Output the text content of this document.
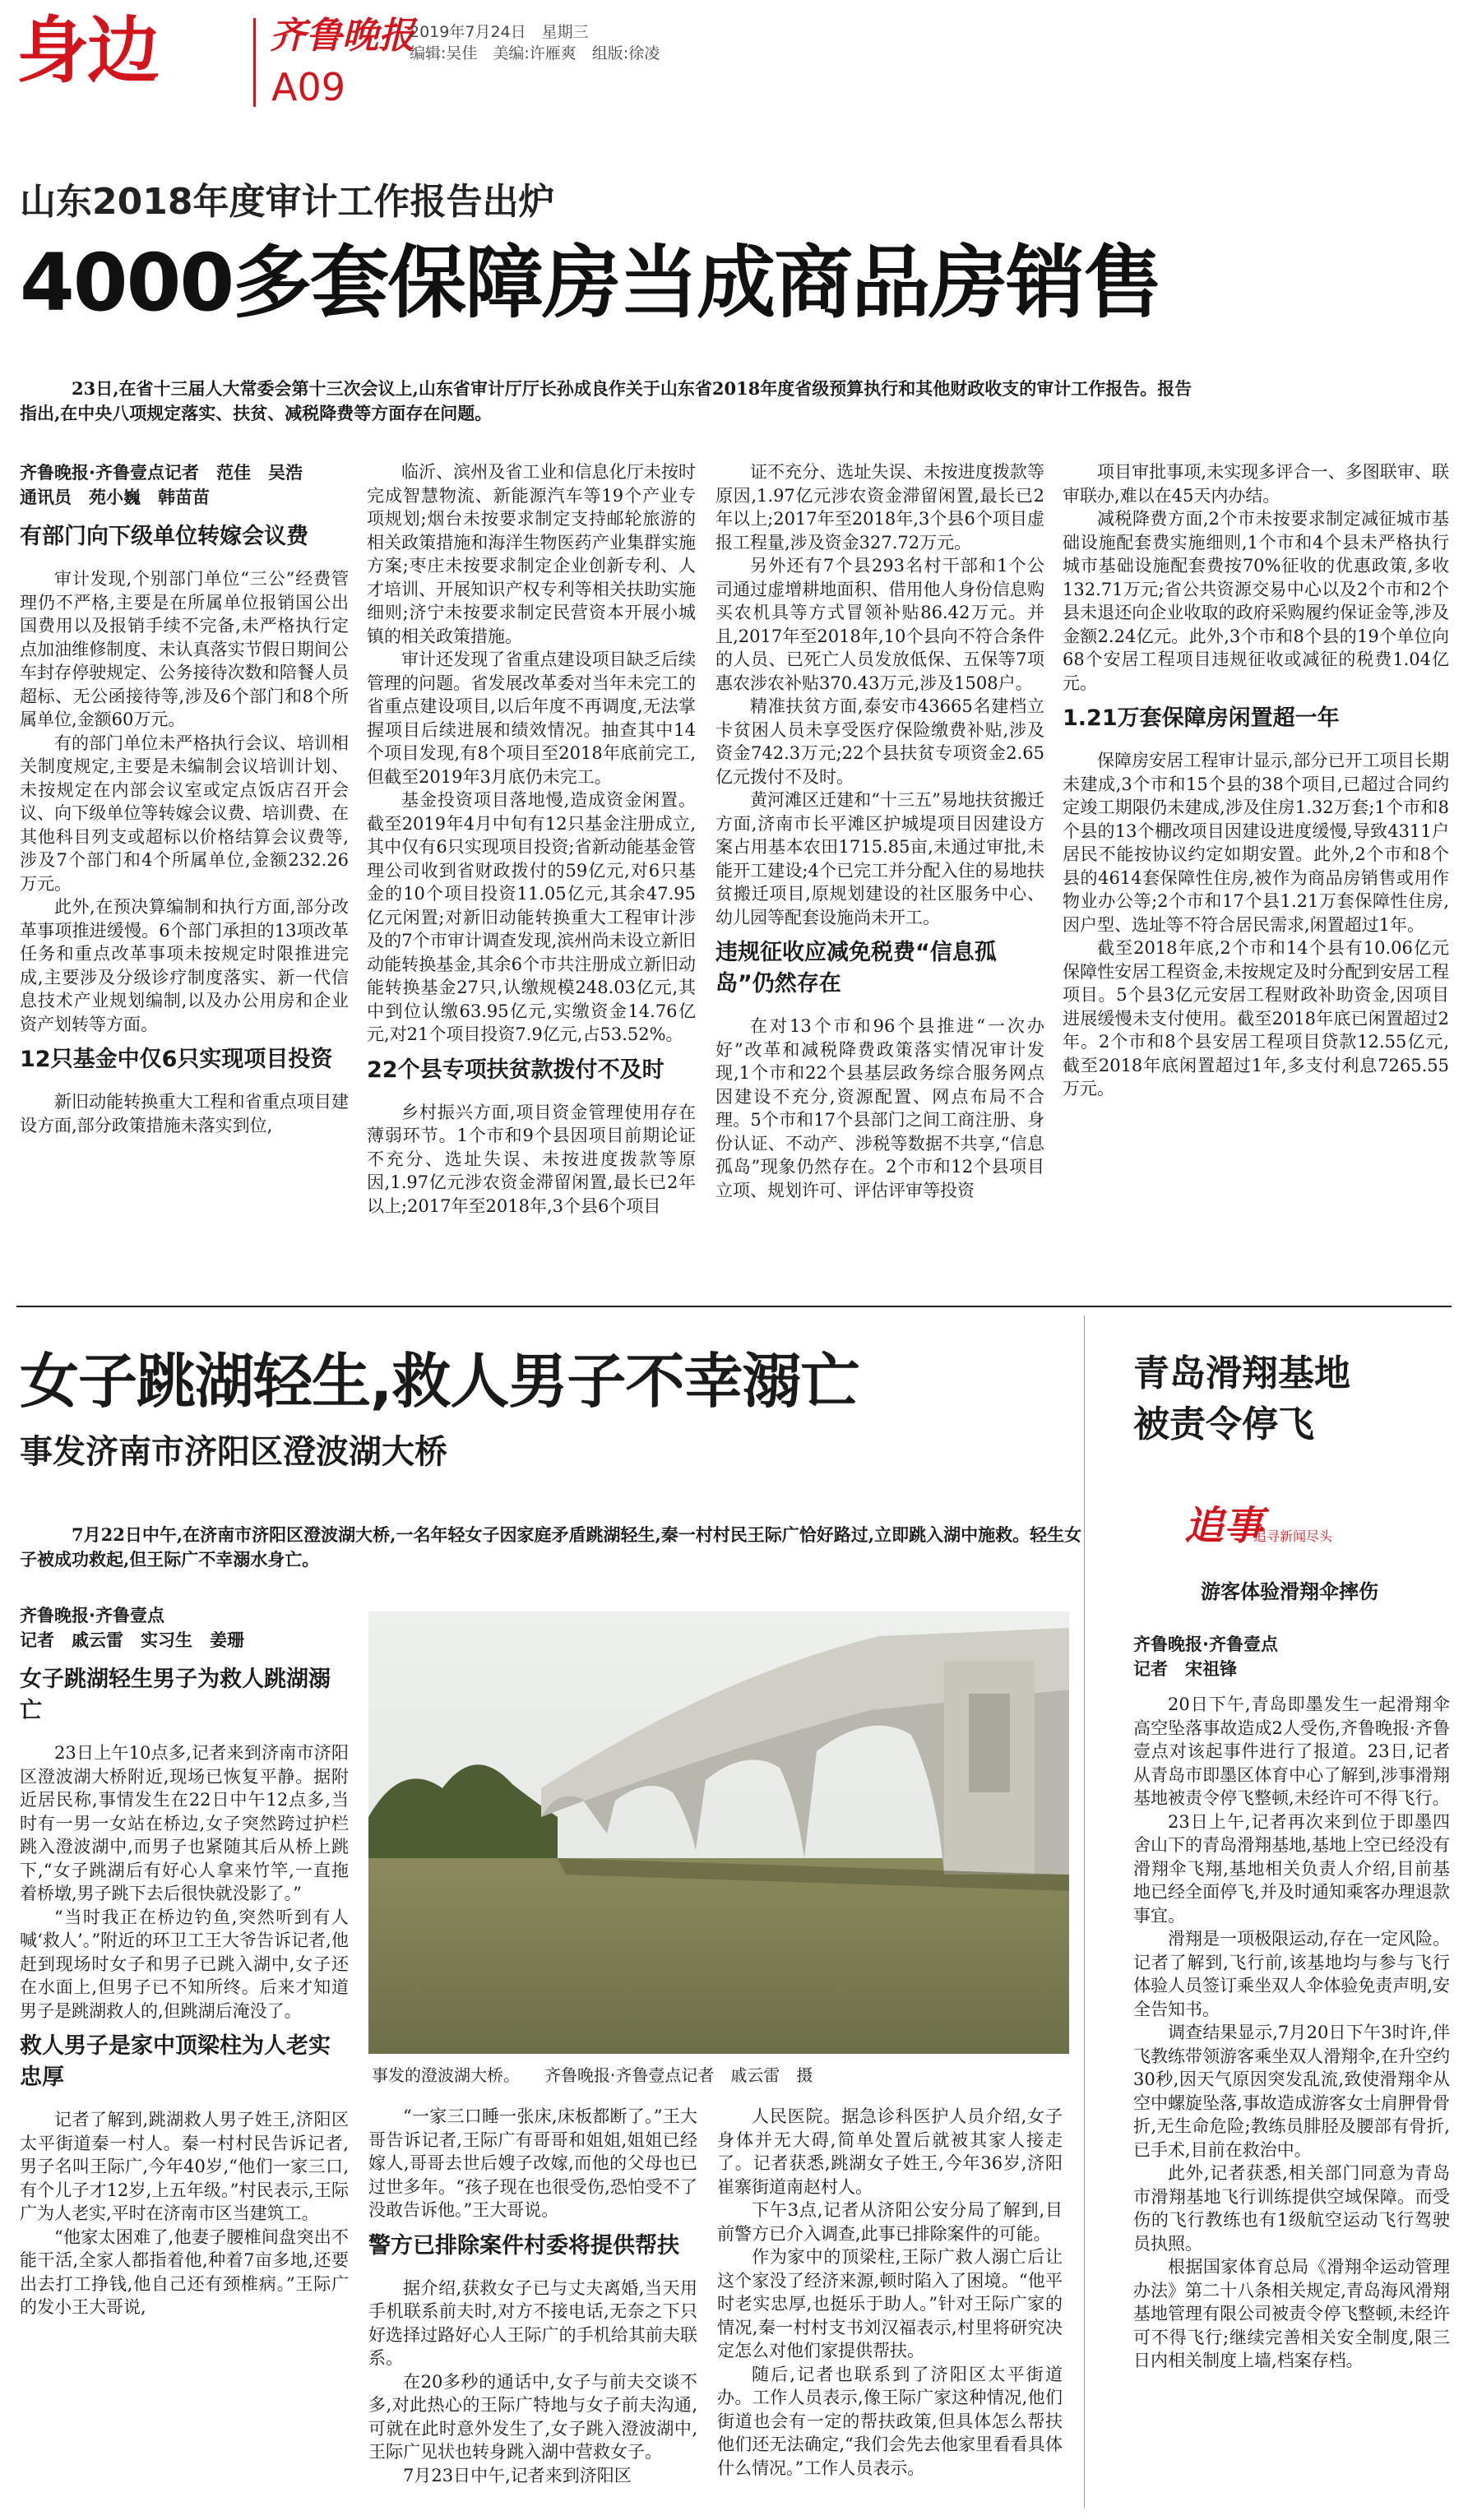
身边	齐鲁晚报
2019年7月24日　星期三
编辑:吴佳　美编:许雁爽　组版:徐凌
A09
山东2018年度审计工作报告出炉
4000多套保障房当成商品房销售
23日,在省十三届人大常委会第十三次会议上,山东省审计厅厅长孙成良作关于山东省2018年度省级预算执行和其他财政收支的审计工作报告。报告指出,在中央八项规定落实、扶贫、减税降费等方面存在问题。
齐鲁晚报·齐鲁壹点记者　范佳　吴浩
通讯员　苑小巍　韩苗苗
有部门向下级单位转嫁会议费

审计发现,个别部门单位“三公”经费管理仍不严格,主要是在所属单位报销国公出国费用以及报销手续不完备,未严格执行定点加油维修制度、未认真落实节假日期间公车封存停驶规定、公务接待次数和陪餐人员超标、无公函接待等,涉及6个部门和8个所属单位,金额60万元。

有的部门单位未严格执行会议、培训相关制度规定,主要是未编制会议培训计划、未按规定在内部会议室或定点饭店召开会议、向下级单位等转嫁会议费、培训费、在其他科目列支或超标以价格结算会议费等,涉及7个部门和4个所属单位,金额232.26万元。

此外,在预决算编制和执行方面,部分改革事项推进缓慢。6个部门承担的13项改革任务和重点改革事项未按规定时限推进完成,主要涉及分级诊疗制度落实、新一代信息技术产业规划编制,以及办公用房和企业资产划转等方面。

12只基金中仅6只实现项目投资

新旧动能转换重大工程和省重点项目建设方面,部分政策措施未落实到位,

临沂、滨州及省工业和信息化厅未按时完成智慧物流、新能源汽车等19个产业专项规划;烟台未按要求制定支持邮轮旅游的相关政策措施和海洋生物医药产业集群实施方案;枣庄未按要求制定企业创新专利、人才培训、开展知识产权专利等相关扶助实施细则;济宁未按要求制定民营资本开展小城镇的相关政策措施。

审计还发现了省重点建设项目缺乏后续管理的问题。省发展改革委对当年未完工的省重点建设项目,以后年度不再调度,无法掌握项目后续进展和绩效情况。抽查其中14个项目发现,有8个项目至2018年底前完工,但截至2019年3月底仍未完工。

基金投资项目落地慢,造成资金闲置。截至2019年4月中旬有12只基金注册成立,其中仅有6只实现项目投资;省新动能基金管理公司收到省财政拨付的59亿元,对6只基金的10个项目投资11.05亿元,其余47.95亿元闲置;对新旧动能转换重大工程审计涉及的7个市审计调查发现,滨州尚未设立新旧动能转换基金,其余6个市共注册成立新旧动能转换基金27只,认缴规模248.03亿元,其中到位认缴63.95亿元,实缴资金14.76亿元,对21个项目投资7.9亿元,占53.52%。

22个县专项扶贫款拨付不及时

乡村振兴方面,项目资金管理使用存在薄弱环节。1个市和9个县因项目前期论证不充分、选址失误、未按进度拨款等原因,1.97亿元涉农资金滞留闲置,最长已2年以上;2017年至2018年,3个县6个项目

证不充分、选址失误、未按进度拨款等原因,1.97亿元涉农资金滞留闲置,最长已2年以上;2017年至2018年,3个县6个项目虚报工程量,涉及资金327.72万元。

另外还有7个县293名村干部和1个公司通过虚增耕地面积、借用他人身份信息购买农机具等方式冒领补贴86.42万元。并且,2017年至2018年,10个县向不符合条件的人员、已死亡人员发放低保、五保等7项惠农涉农补贴370.43万元,涉及1508户。

精准扶贫方面,泰安市43665名建档立卡贫困人员未享受医疗保险缴费补贴,涉及资金742.3万元;22个县扶贫专项资金2.65亿元拨付不及时。

黄河滩区迁建和“十三五”易地扶贫搬迁方面,济南市长平滩区护城堤项目因建设方案占用基本农田1715.85亩,未通过审批,未能开工建设;4个已完工并分配入住的易地扶贫搬迁项目,原规划建设的社区服务中心、幼儿园等配套设施尚未开工。

违规征收应减免税费“信息孤岛”仍然存在

在对13个市和96个县推进“一次办好”改革和减税降费政策落实情况审计发现,1个市和22个县基层政务综合服务网点因建设不充分,资源配置、网点布局不合理。5个市和17个县部门之间工商注册、身份认证、不动产、涉税等数据不共享,“信息孤岛”现象仍然存在。2个市和12个县项目立项、规划许可、评估评审等投资

项目审批事项,未实现多评合一、多图联审、联审联办,难以在45天内办结。

减税降费方面,2个市未按要求制定减征城市基础设施配套费实施细则,1个市和4个县未严格执行城市基础设施配套费按70%征收的优惠政策,多收132.71万元;省公共资源交易中心以及2个市和2个县未退还向企业收取的政府采购履约保证金等,涉及金额2.24亿元。此外,3个市和8个县的19个单位向68个安居工程项目违规征收或减征的税费1.04亿元。

1.21万套保障房闲置超一年

保障房安居工程审计显示,部分已开工项目长期未建成,3个市和15个县的38个项目,已超过合同约定竣工期限仍未建成,涉及住房1.32万套;1个市和8个县的13个棚改项目因建设进度缓慢,导致4311户居民不能按协议约定如期安置。此外,2个市和8个县的4614套保障性住房,被作为商品房销售或用作物业办公等;2个市和17个县1.21万套保障性住房,因户型、选址等不符合居民需求,闲置超过1年。

截至2018年底,2个市和14个县有10.06亿元保障性安居工程资金,未按规定及时分配到安居工程项目。5个县3亿元安居工程财政补助资金,因项目进展缓慢未支付使用。截至2018年底已闲置超过2年。2个市和8个县安居工程项目贷款12.55亿元,截至2018年底闲置超过1年,多支付利息7265.55万元。

女子跳湖轻生,救人男子不幸溺亡
事发济南市济阳区澄波湖大桥
7月22日中午,在济南市济阳区澄波湖大桥,一名年轻女子因家庭矛盾跳湖轻生,秦一村村民王际广恰好路过,立即跳入湖中施救。轻生女子被成功救起,但王际广不幸溺水身亡。
齐鲁晚报·齐鲁壹点
记者　戚云雷　实习生　姜珊
女子跳湖轻生男子为救人跳湖溺亡

23日上午10点多,记者来到济南市济阳区澄波湖大桥附近,现场已恢复平静。据附近居民称,事情发生在22日中午12点多,当时有一男一女站在桥边,女子突然跨过护栏跳入澄波湖中,而男子也紧随其后从桥上跳下,“女子跳湖后有好心人拿来竹竿,一直拖着桥墩,男子跳下去后很快就没影了。”

“当时我正在桥边钓鱼,突然听到有人喊‘救人’。”附近的环卫工王大爷告诉记者,他赶到现场时女子和男子已跳入湖中,女子还在水面上,但男子已不知所终。后来才知道男子是跳湖救人的,但跳湖后淹没了。

救人男子是家中顶梁柱为人老实忠厚

记者了解到,跳湖救人男子姓王,济阳区太平街道秦一村人。秦一村村民告诉记者,男子名叫王际广,今年40岁,“他们一家三口,有个儿子才12岁,上五年级。”村民表示,王际广为人老实,平时在济南市区当建筑工。

“他家太困难了,他妻子腰椎间盘突出不能干活,全家人都指着他,种着7亩多地,还要出去打工挣钱,他自己还有颈椎病。”王际广的发小王大哥说,

事发的澄波湖大桥。　　齐鲁晚报·齐鲁壹点记者　戚云雷　摄

“一家三口睡一张床,床板都断了。”王大哥告诉记者,王际广有哥哥和姐姐,姐姐已经嫁人,哥哥去世后嫂子改嫁,而他的父母也已过世多年。“孩子现在也很受伤,恐怕受不了没敢告诉他。”王大哥说。

警方已排除案件村委将提供帮扶

据介绍,获救女子已与丈夫离婚,当天用手机联系前夫时,对方不接电话,无奈之下只好选择过路好心人王际广的手机给其前夫联系。

在20多秒的通话中,女子与前夫交谈不多,对此热心的王际广特地与女子前夫沟通,可就在此时意外发生了,女子跳入澄波湖中,王际广见状也转身跳入湖中营救女子。

7月23日中午,记者来到济阳区

人民医院。据急诊科医护人员介绍,女子身体并无大碍,简单处置后就被其家人接走了。记者获悉,跳湖女子姓王,今年36岁,济阳崔寨街道南赵村人。

下午3点,记者从济阳公安分局了解到,目前警方已介入调查,此事已排除案件的可能。

作为家中的顶梁柱,王际广救人溺亡后让这个家没了经济来源,顿时陷入了困境。“他平时老实忠厚,也挺乐于助人。”针对王际广家的情况,秦一村村支书刘汉福表示,村里将研究决定怎么对他们家提供帮扶。

随后,记者也联系到了济阳区太平街道办。工作人员表示,像王际广家这种情况,他们街道也会有一定的帮扶政策,但具体怎么帮扶他们还无法确定,“我们会先去他家里看看具体什么情况。”工作人员表示。

青岛滑翔基地被责令停飞
追事
追寻新闻尽头
游客体验滑翔伞摔伤
齐鲁晚报·齐鲁壹点
记者　宋祖锋

20日下午,青岛即墨发生一起滑翔伞高空坠落事故造成2人受伤,齐鲁晚报·齐鲁壹点对该起事件进行了报道。23日,记者从青岛市即墨区体育中心了解到,涉事滑翔基地被责令停飞整顿,未经许可不得飞行。

23日上午,记者再次来到位于即墨四舍山下的青岛滑翔基地,基地上空已经没有滑翔伞飞翔,基地相关负责人介绍,目前基地已经全面停飞,并及时通知乘客办理退款事宜。

滑翔是一项极限运动,存在一定风险。记者了解到,飞行前,该基地均与参与飞行体验人员签订乘坐双人伞体验免责声明,安全告知书。

调查结果显示,7月20日下午3时许,伴飞教练带领游客乘坐双人滑翔伞,在升空约30秒,因天气原因突发乱流,致使滑翔伞从空中螺旋坠落,事故造成游客女士肩胛骨骨折,无生命危险;教练员腓胫及腰部有骨折,已手术,目前在救治中。

此外,记者获悉,相关部门同意为青岛市滑翔基地飞行训练提供空域保障。而受伤的飞行教练也有1级航空运动飞行驾驶员执照。

根据国家体育总局《滑翔伞运动管理办法》第二十八条相关规定,青岛海风滑翔基地管理有限公司被责令停飞整顿,未经许可不得飞行;继续完善相关安全制度,限三日内相关制度上墙,档案存档。
